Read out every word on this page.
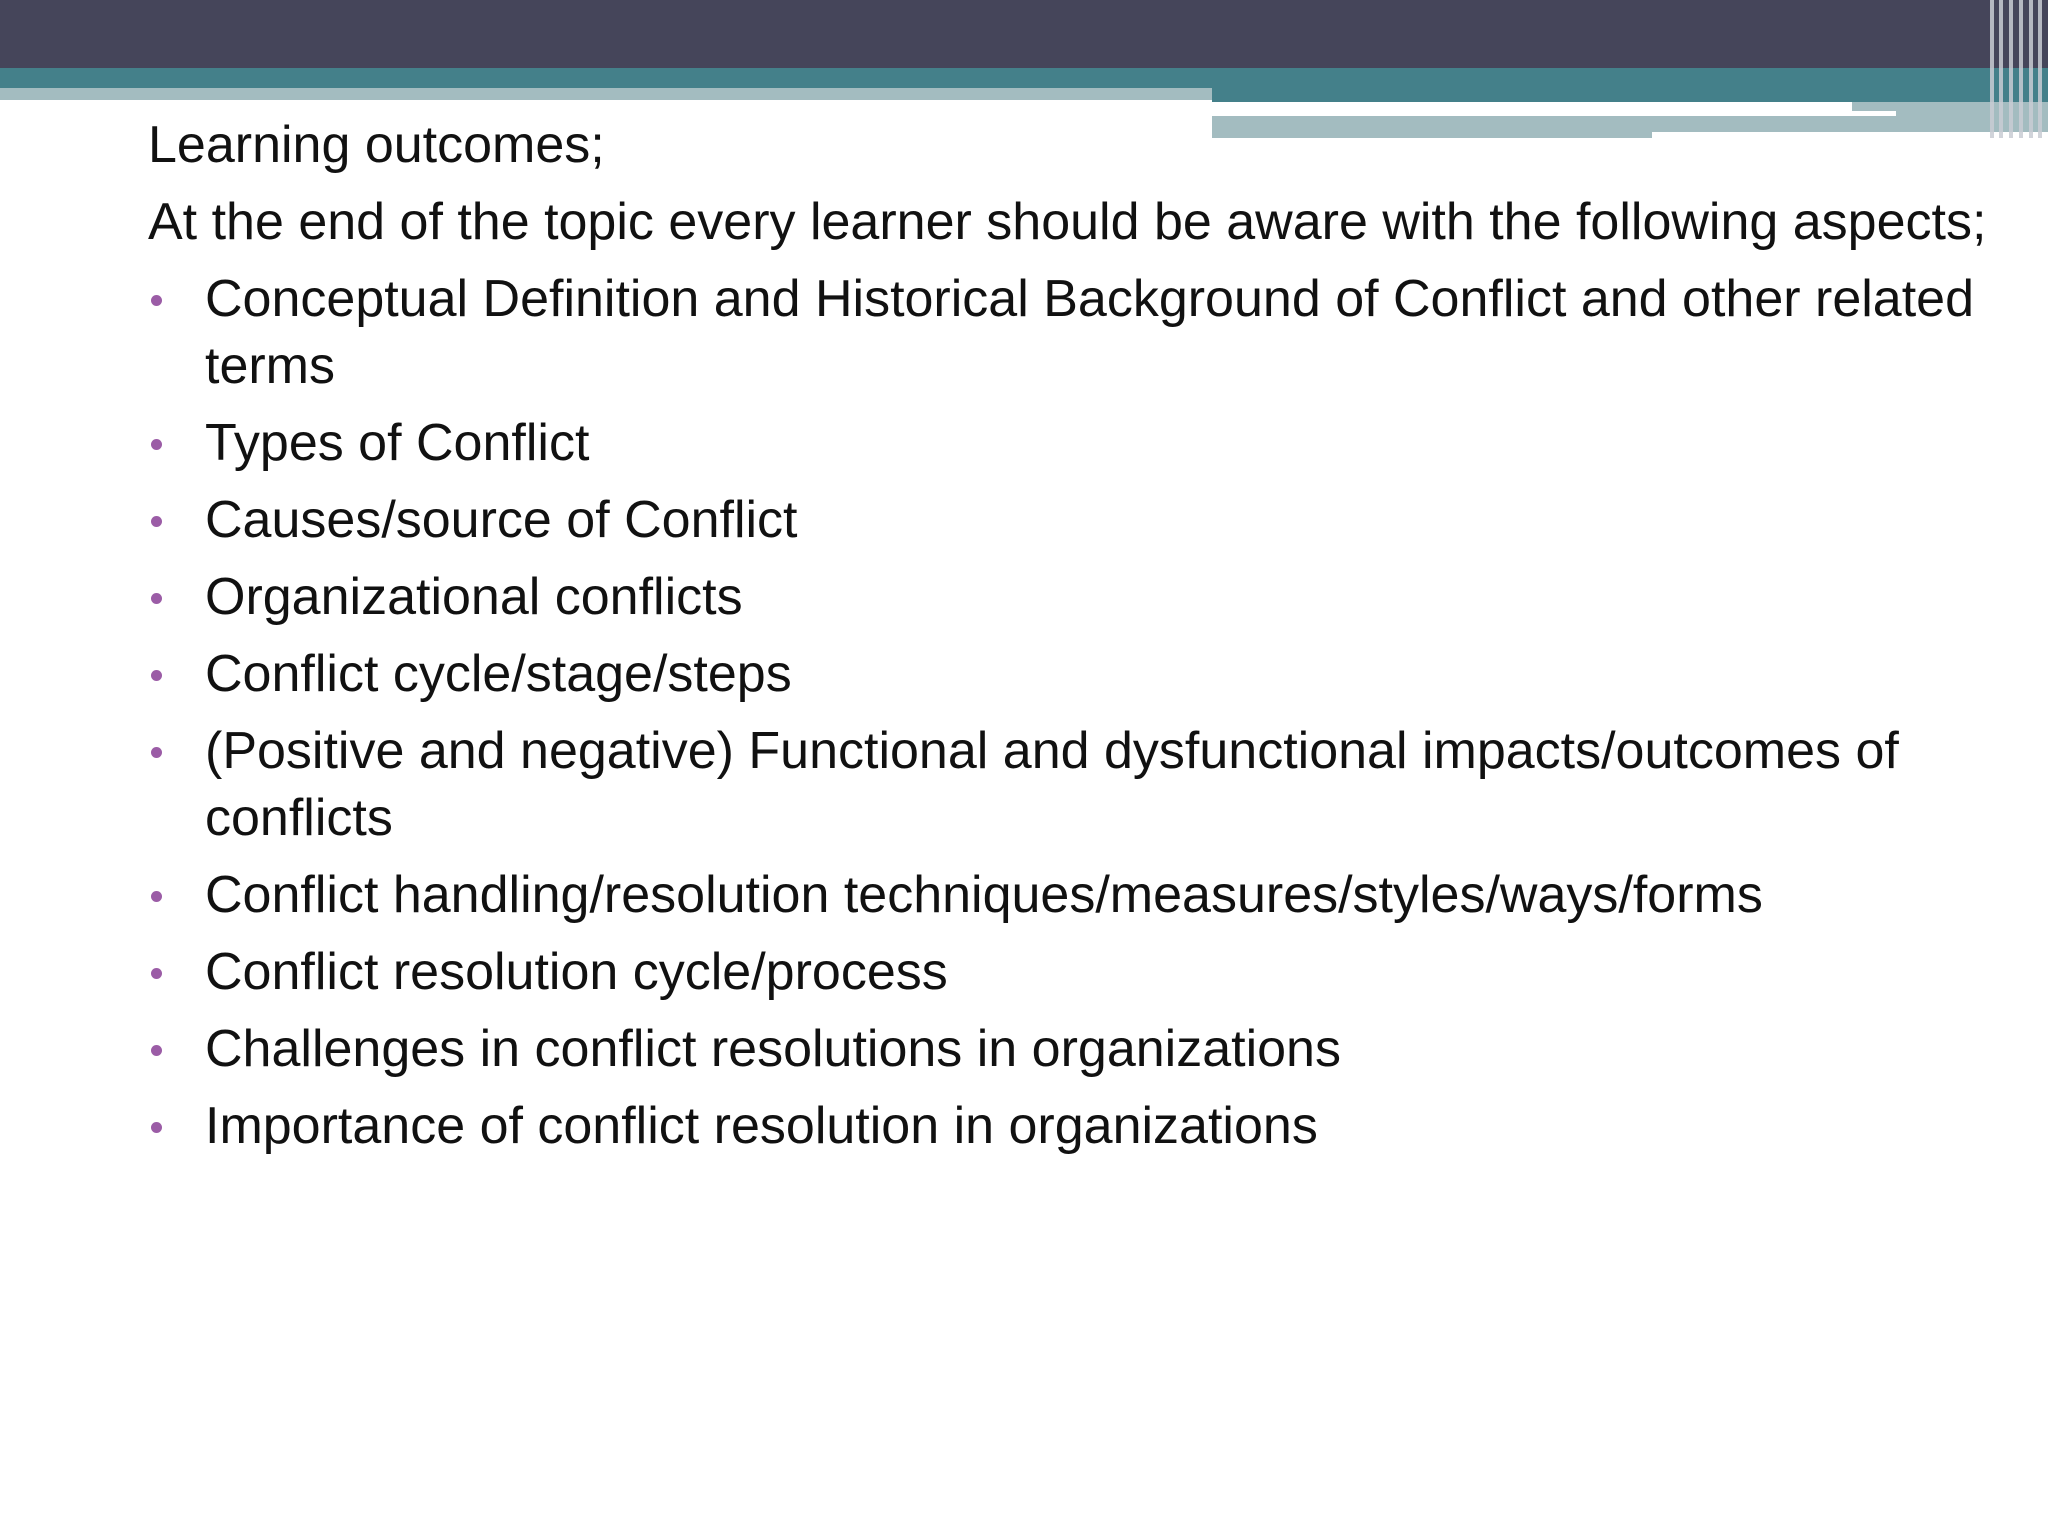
Learning outcomes;

At the end of the topic every learner should be aware with the following aspects;

Conceptual Definition and Historical Background of Conflict and other related terms
Types of Conflict
Causes/source of Conflict
Organizational conflicts
Conflict cycle/stage/steps
(Positive and negative) Functional and dysfunctional impacts/outcomes of conflicts
Conflict handling/resolution techniques/measures/styles/ways/forms
Conflict resolution cycle/process
Challenges in conflict resolutions in organizations
Importance of conflict resolution in organizations
